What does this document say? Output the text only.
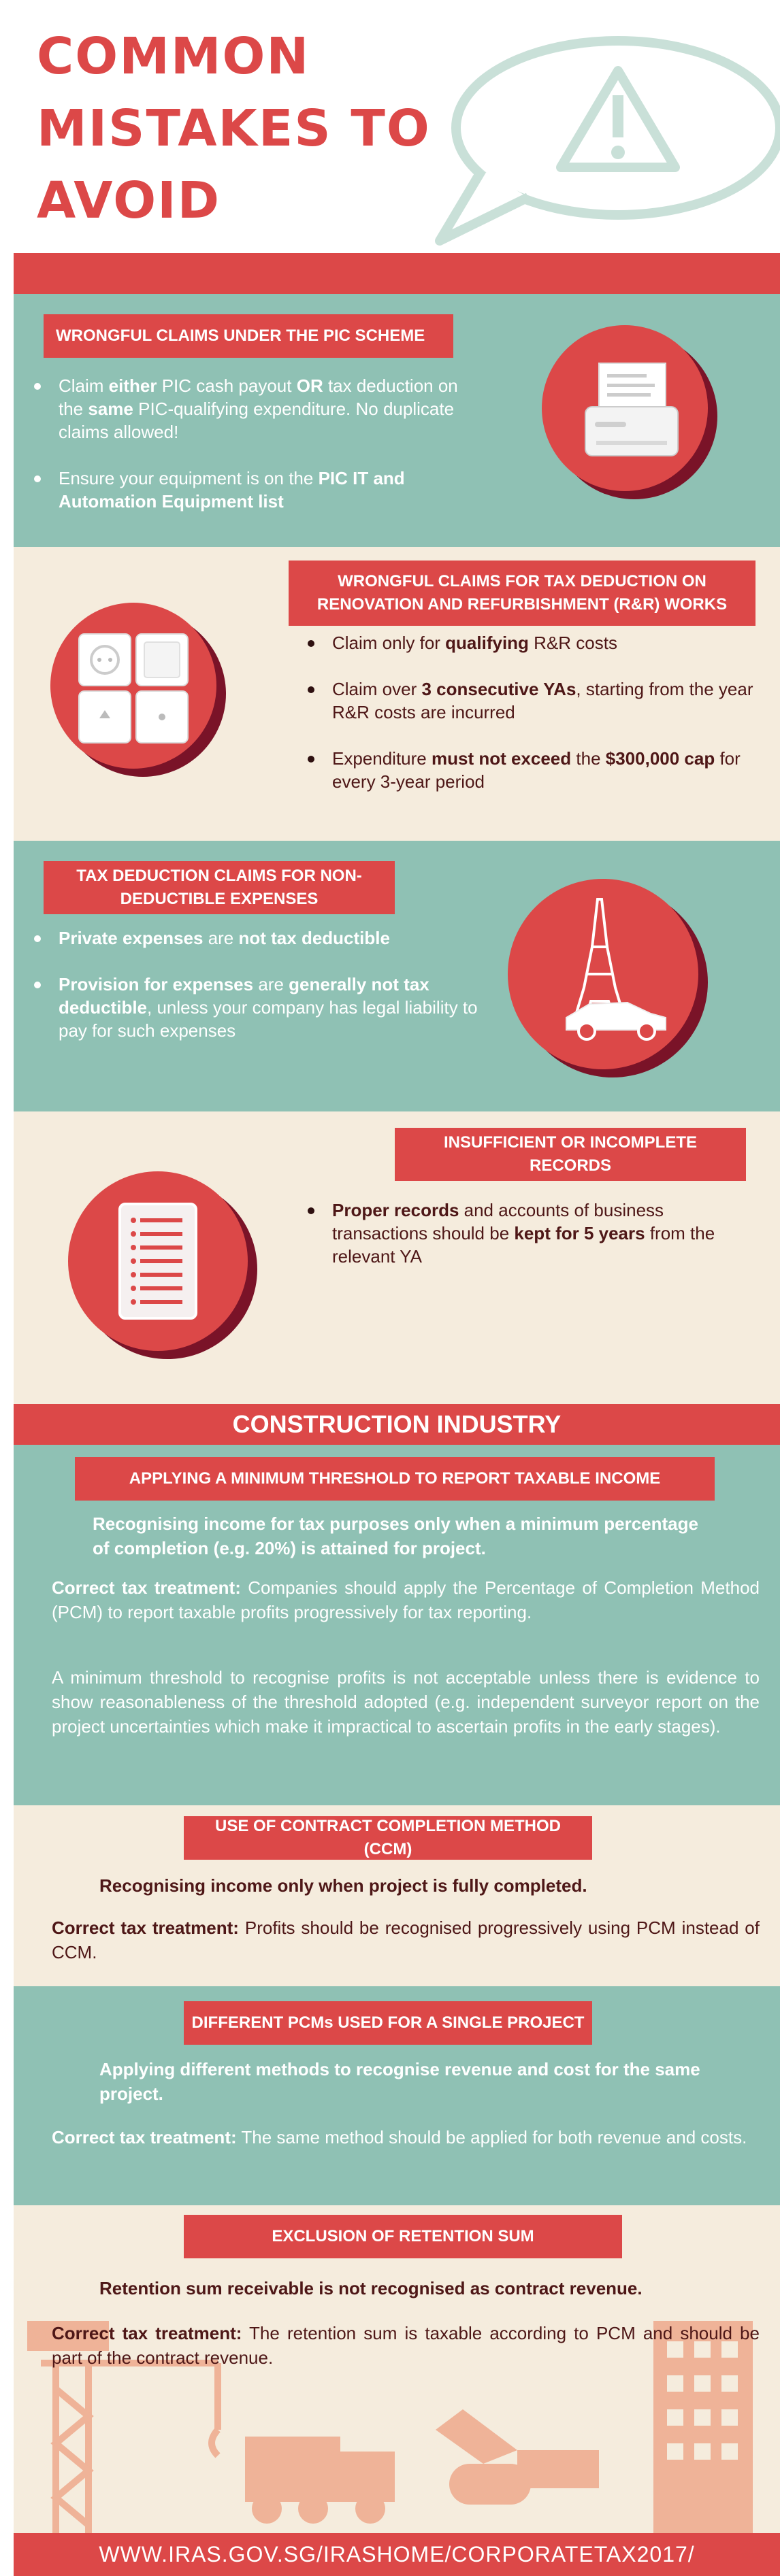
COMMON
MISTAKES TO
AVOID
WRONGFUL CLAIMS UNDER THE PIC SCHEME
Claim either PIC cash payout OR tax deduction on the same PIC-qualifying expenditure. No duplicate claims allowed!
Ensure your equipment is on the PIC IT and Automation Equipment list
WRONGFUL CLAIMS FOR TAX DEDUCTION ON RENOVATION AND REFURBISHMENT (R&R) WORKS
Claim only for qualifying R&R costs
Claim over 3 consecutive YAs, starting from the year R&R costs are incurred
Expenditure must not exceed the $300,000 cap for every 3-year period
TAX DEDUCTION CLAIMS FOR NON-DEDUCTIBLE EXPENSES
Private expenses are not tax deductible
Provision for expenses are generally not tax deductible, unless your company has legal liability to pay for such expenses
INSUFFICIENT OR INCOMPLETE RECORDS
Proper records and accounts of business transactions should be kept for 5 years from the relevant YA
CONSTRUCTION INDUSTRY
APPLYING A MINIMUM THRESHOLD TO REPORT TAXABLE INCOME
Recognising income for tax purposes only when a minimum percentage of completion (e.g. 20%) is attained for project.
Correct tax treatment: Companies should apply the Percentage of Completion Method (PCM) to report taxable profits progressively for tax reporting.
A minimum threshold to recognise profits is not acceptable unless there is evidence to show reasonableness of the threshold adopted (e.g. independent surveyor report on the project uncertainties which make it impractical to ascertain profits in the early stages).
USE OF CONTRACT COMPLETION METHOD (CCM)
Recognising income only when project is fully completed.
Correct tax treatment: Profits should be recognised progressively using PCM instead of CCM.
DIFFERENT PCMs USED FOR A SINGLE PROJECT
Applying different methods to recognise revenue and cost for the same project.
Correct tax treatment: The same method should be applied for both revenue and costs.
EXCLUSION OF RETENTION SUM
Retention sum receivable is not recognised as contract revenue.
Correct tax treatment: The retention sum is taxable according to PCM and should be part of the contract revenue.
WWW.IRAS.GOV.SG/IRASHOME/CORPORATETAX2017/
